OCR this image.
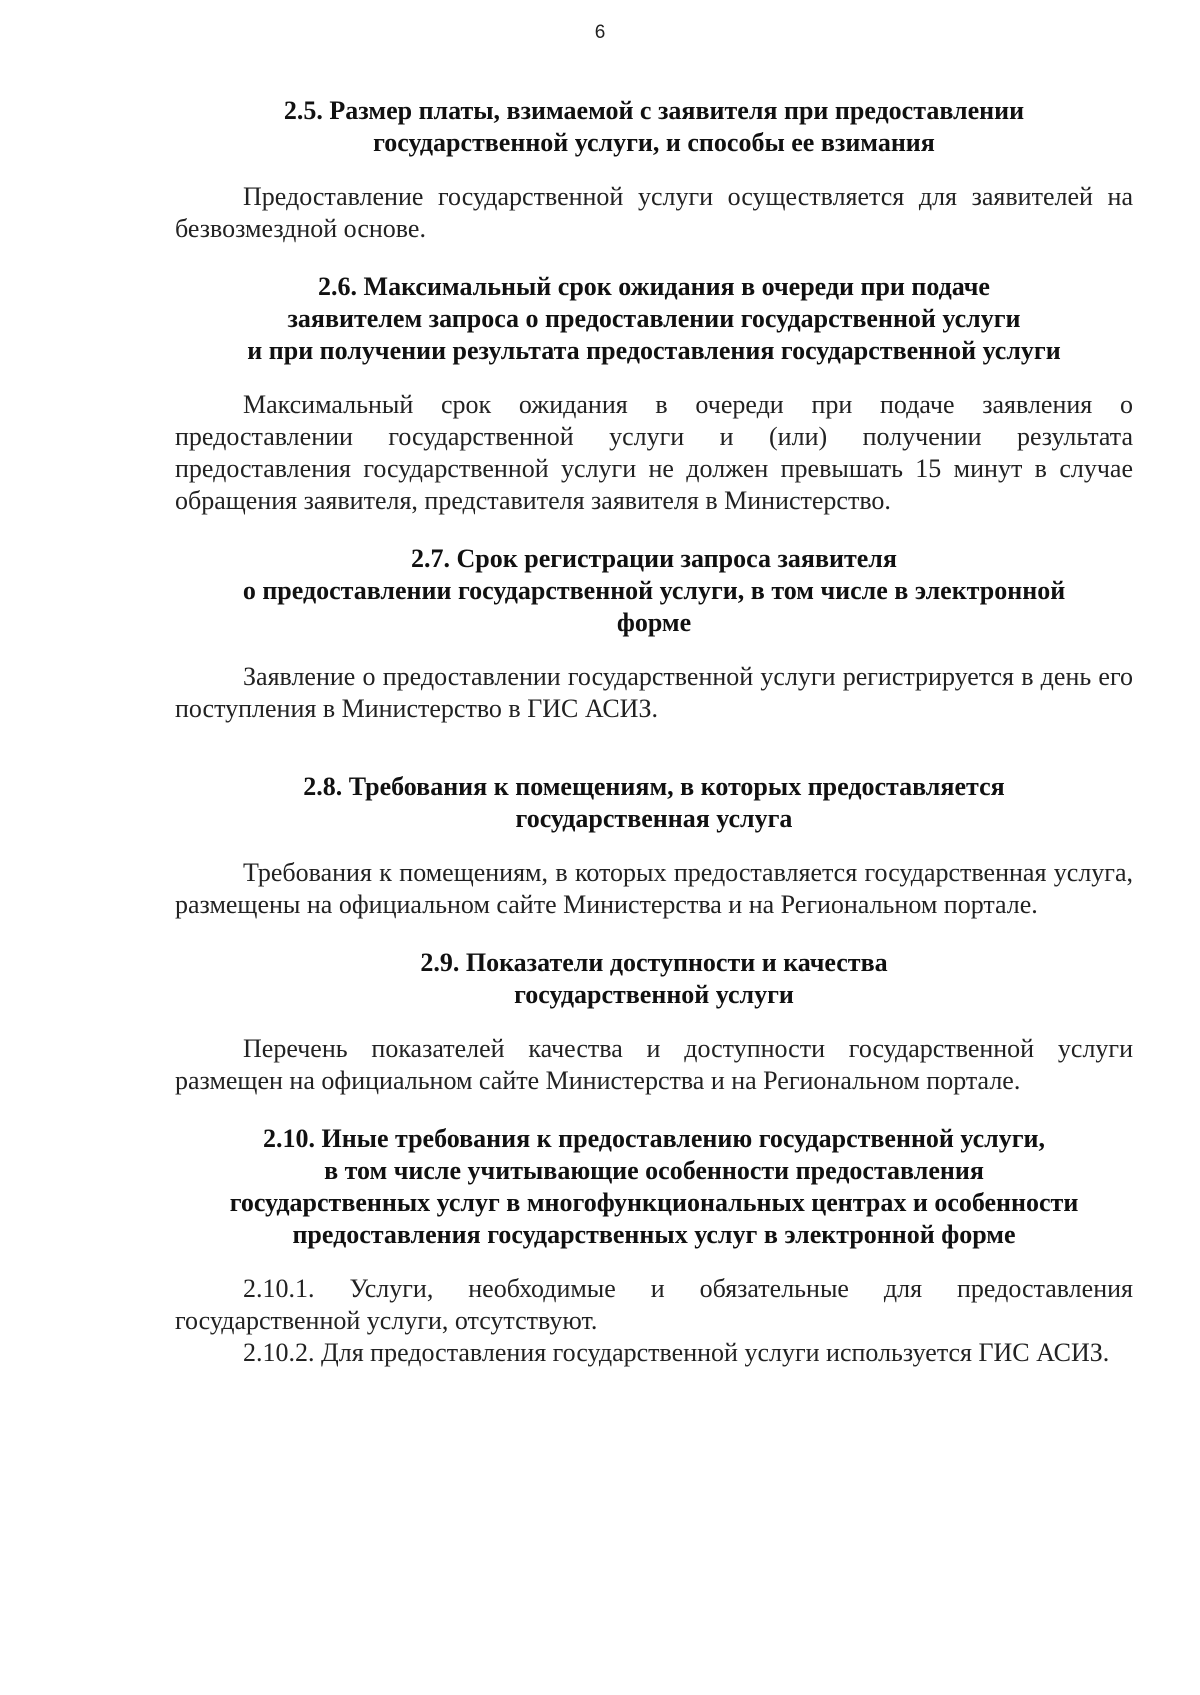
6
2.5. Размер платы, взимаемой с заявителя при предоставлении
государственной услуги, и способы ее взимания

Предоставление государственной услуги осуществляется для заявителей на безвозмездной основе.

2.6. Максимальный срок ожидания в очереди при подаче
заявителем запроса о предоставлении государственной услуги
и при получении результата предоставления государственной услуги

Максимальный срок ожидания в очереди при подаче заявления о предоставлении государственной услуги и (или) получении результата предоставления государственной услуги не должен превышать 15 минут в случае обращения заявителя, представителя заявителя в Министерство.

2.7. Срок регистрации запроса заявителя
о предоставлении государственной услуги, в том числе в электронной
форме

Заявление о предоставлении государственной услуги регистрируется в день его поступления в Министерство в ГИС АСИЗ.

2.8. Требования к помещениям, в которых предоставляется
государственная услуга

Требования к помещениям, в которых предоставляется государственная услуга, размещены на официальном сайте Министерства и на Региональном портале.

2.9. Показатели доступности и качества
государственной услуги

Перечень показателей качества и доступности государственной услуги размещен на официальном сайте Министерства и на Региональном портале.

2.10. Иные требования к предоставлению государственной услуги,
в том числе учитывающие особенности предоставления
государственных услуг в многофункциональных центрах и особенности
предоставления государственных услуг в электронной форме

2.10.1. Услуги, необходимые и обязательные для предоставления государственной услуги, отсутствуют.

2.10.2. Для предоставления государственной услуги используется ГИС АСИЗ.
